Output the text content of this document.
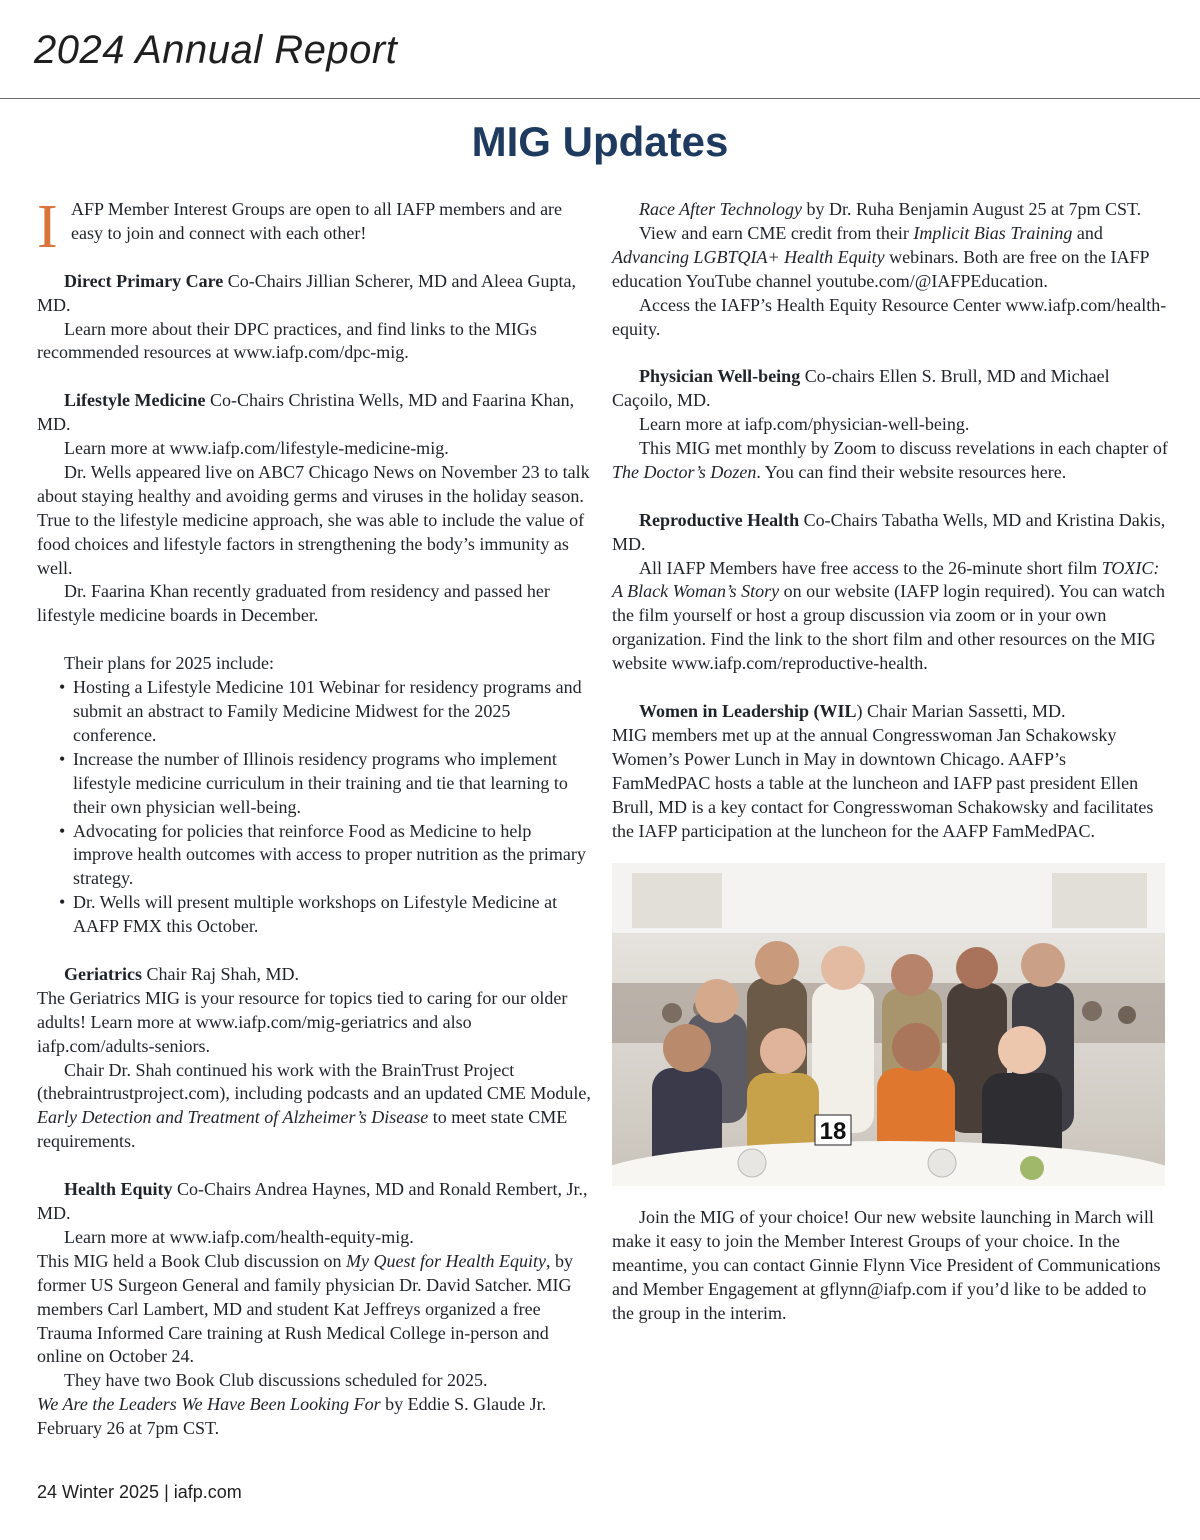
2024 Annual Report
MIG Updates
I AFP Member Interest Groups are open to all IAFP members and are easy to join and connect with each other!

Direct Primary Care Co-Chairs Jillian Scherer, MD and Aleea Gupta, MD.

Learn more about their DPC practices, and find links to the MIGs recommended resources at www.iafp.com/dpc-mig.

Lifestyle Medicine Co-Chairs Christina Wells, MD and Faarina Khan, MD.

Learn more at www.iafp.com/lifestyle-medicine-mig.

Dr. Wells appeared live on ABC7 Chicago News on November 23 to talk about staying healthy and avoiding germs and viruses in the holiday season. True to the lifestyle medicine approach, she was able to include the value of food choices and lifestyle factors in strengthening the body’s immunity as well.

Dr. Faarina Khan recently graduated from residency and passed her lifestyle medicine boards in December.

Their plans for 2025 include:

• Hosting a Lifestyle Medicine 101 Webinar for residency programs and submit an abstract to Family Medicine Midwest for the 2025 conference.
• Increase the number of Illinois residency programs who implement lifestyle medicine curriculum in their training and tie that learning to their own physician well-being.
• Advocating for policies that reinforce Food as Medicine to help improve health outcomes with access to proper nutrition as the primary strategy.
• Dr. Wells will present multiple workshops on Lifestyle Medicine at AAFP FMX this October.

Geriatrics Chair Raj Shah, MD.

The Geriatrics MIG is your resource for topics tied to caring for our older adults! Learn more at www.iafp.com/mig-geriatrics and also iafp.com/adults-seniors.

Chair Dr. Shah continued his work with the BrainTrust Project (thebraintrustproject.com), including podcasts and an updated CME Module, Early Detection and Treatment of Alzheimer’s Disease to meet state CME requirements.

Health Equity Co-Chairs Andrea Haynes, MD and Ronald Rembert, Jr., MD.

Learn more at www.iafp.com/health-equity-mig.

This MIG held a Book Club discussion on My Quest for Health Equity, by former US Surgeon General and family physician Dr. David Satcher. MIG members Carl Lambert, MD and student Kat Jeffreys organized a free Trauma Informed Care training at Rush Medical College in-person and online on October 24.

They have two Book Club discussions scheduled for 2025.

We Are the Leaders We Have Been Looking For by Eddie S. Glaude Jr. February 26 at 7pm CST.

Race After Technology by Dr. Ruha Benjamin August 25 at 7pm CST.

View and earn CME credit from their Implicit Bias Training and Advancing LGBTQIA+ Health Equity webinars. Both are free on the IAFP education YouTube channel youtube.com/@IAFPEducation.

Access the IAFP’s Health Equity Resource Center www.iafp.com/health-equity.

Physician Well-being Co-chairs Ellen S. Brull, MD and Michael Caçoilo, MD.

Learn more at iafp.com/physician-well-being.

This MIG met monthly by Zoom to discuss revelations in each chapter of The Doctor’s Dozen. You can find their website resources here.

Reproductive Health Co-Chairs Tabatha Wells, MD and Kristina Dakis, MD.

All IAFP Members have free access to the 26-minute short film TOXIC: A Black Woman’s Story on our website (IAFP login required). You can watch the film yourself or host a group discussion via zoom or in your own organization. Find the link to the short film and other resources on the MIG website www.iafp.com/reproductive-health.

Women in Leadership (WIL) Chair Marian Sassetti, MD.

MIG members met up at the annual Congresswoman Jan Schakowsky Women’s Power Lunch in May in downtown Chicago. AAFP’s FamMedPAC hosts a table at the luncheon and IAFP past president Ellen Brull, MD is a key contact for Congresswoman Schakowsky and facilitates the IAFP participation at the luncheon for the AAFP FamMedPAC.

18

Join the MIG of your choice! Our new website launching in March will make it easy to join the Member Interest Groups of your choice. In the meantime, you can contact Ginnie Flynn Vice President of Communications and Member Engagement at gflynn@iafp.com if you’d like to be added to the group in the interim.

24 Winter 2025 | iafp.com
